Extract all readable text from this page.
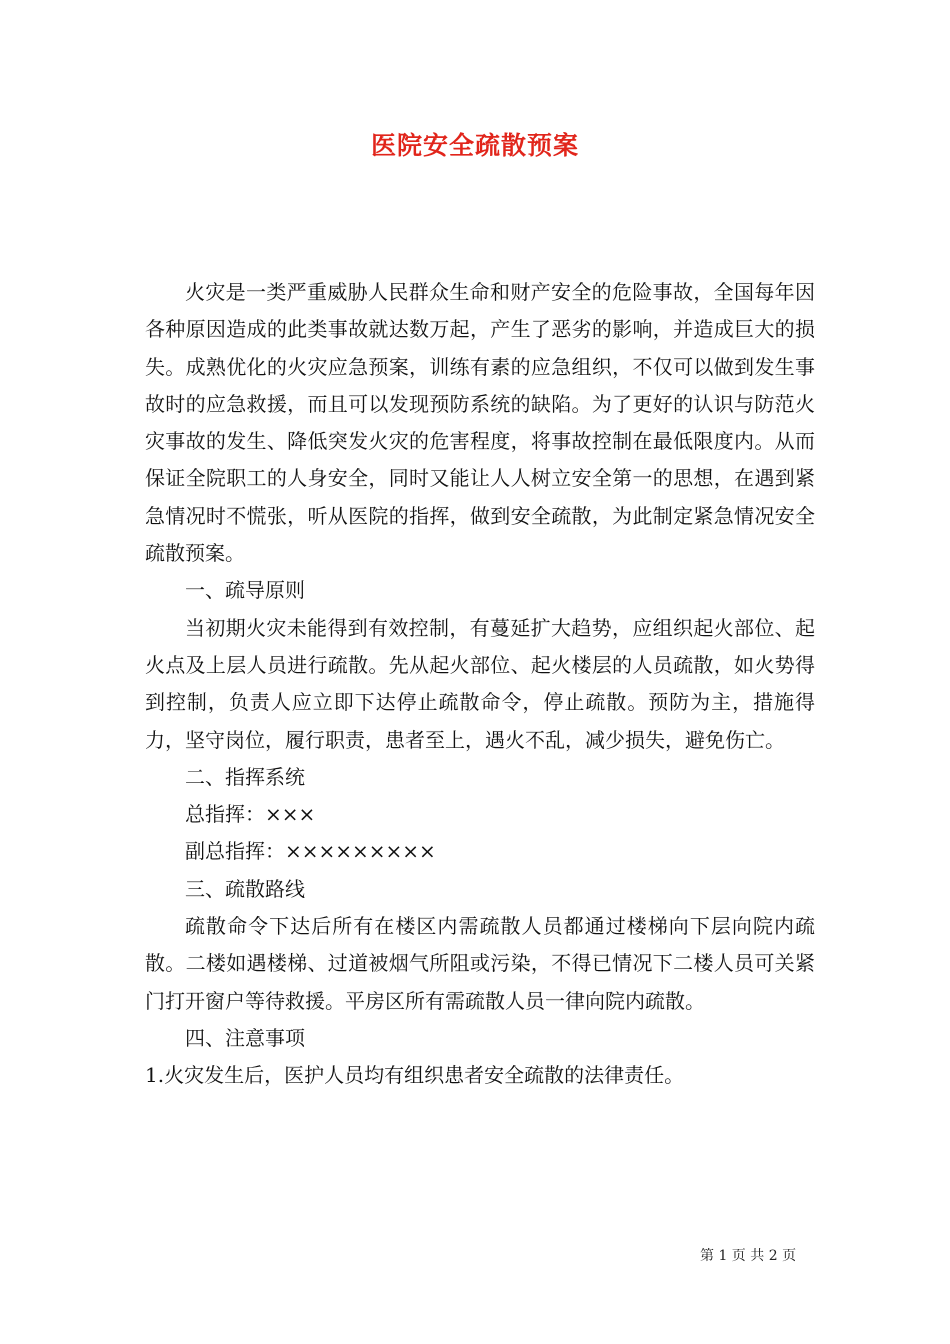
医院安全疏散预案

火灾是一类严重威胁人民群众生命和财产安全的危险事故，全国每年因各种原因造成的此类事故就达数万起，产生了恶劣的影响，并造成巨大的损失。成熟优化的火灾应急预案，训练有素的应急组织，不仅可以做到发生事故时的应急救援，而且可以发现预防系统的缺陷。为了更好的认识与防范火灾事故的发生、降低突发火灾的危害程度，将事故控制在最低限度内。从而保证全院职工的人身安全，同时又能让人人树立安全第一的思想，在遇到紧急情况时不慌张，听从医院的指挥，做到安全疏散，为此制定紧急情况安全疏散预案。

一、疏导原则

当初期火灾未能得到有效控制，有蔓延扩大趋势，应组织起火部位、起火点及上层人员进行疏散。先从起火部位、起火楼层的人员疏散，如火势得到控制，负责人应立即下达停止疏散命令，停止疏散。预防为主，措施得力，坚守岗位，履行职责，患者至上，遇火不乱，减少损失，避免伤亡。

二、指挥系统

总指挥：×××

副总指挥：×××××××××

三、疏散路线

疏散命令下达后所有在楼区内需疏散人员都通过楼梯向下层向院内疏散。二楼如遇楼梯、过道被烟气所阻或污染，不得已情况下二楼人员可关紧门打开窗户等待救援。平房区所有需疏散人员一律向院内疏散。

四、注意事项

1.火灾发生后，医护人员均有组织患者安全疏散的法律责任。

第 1 页 共 2 页
